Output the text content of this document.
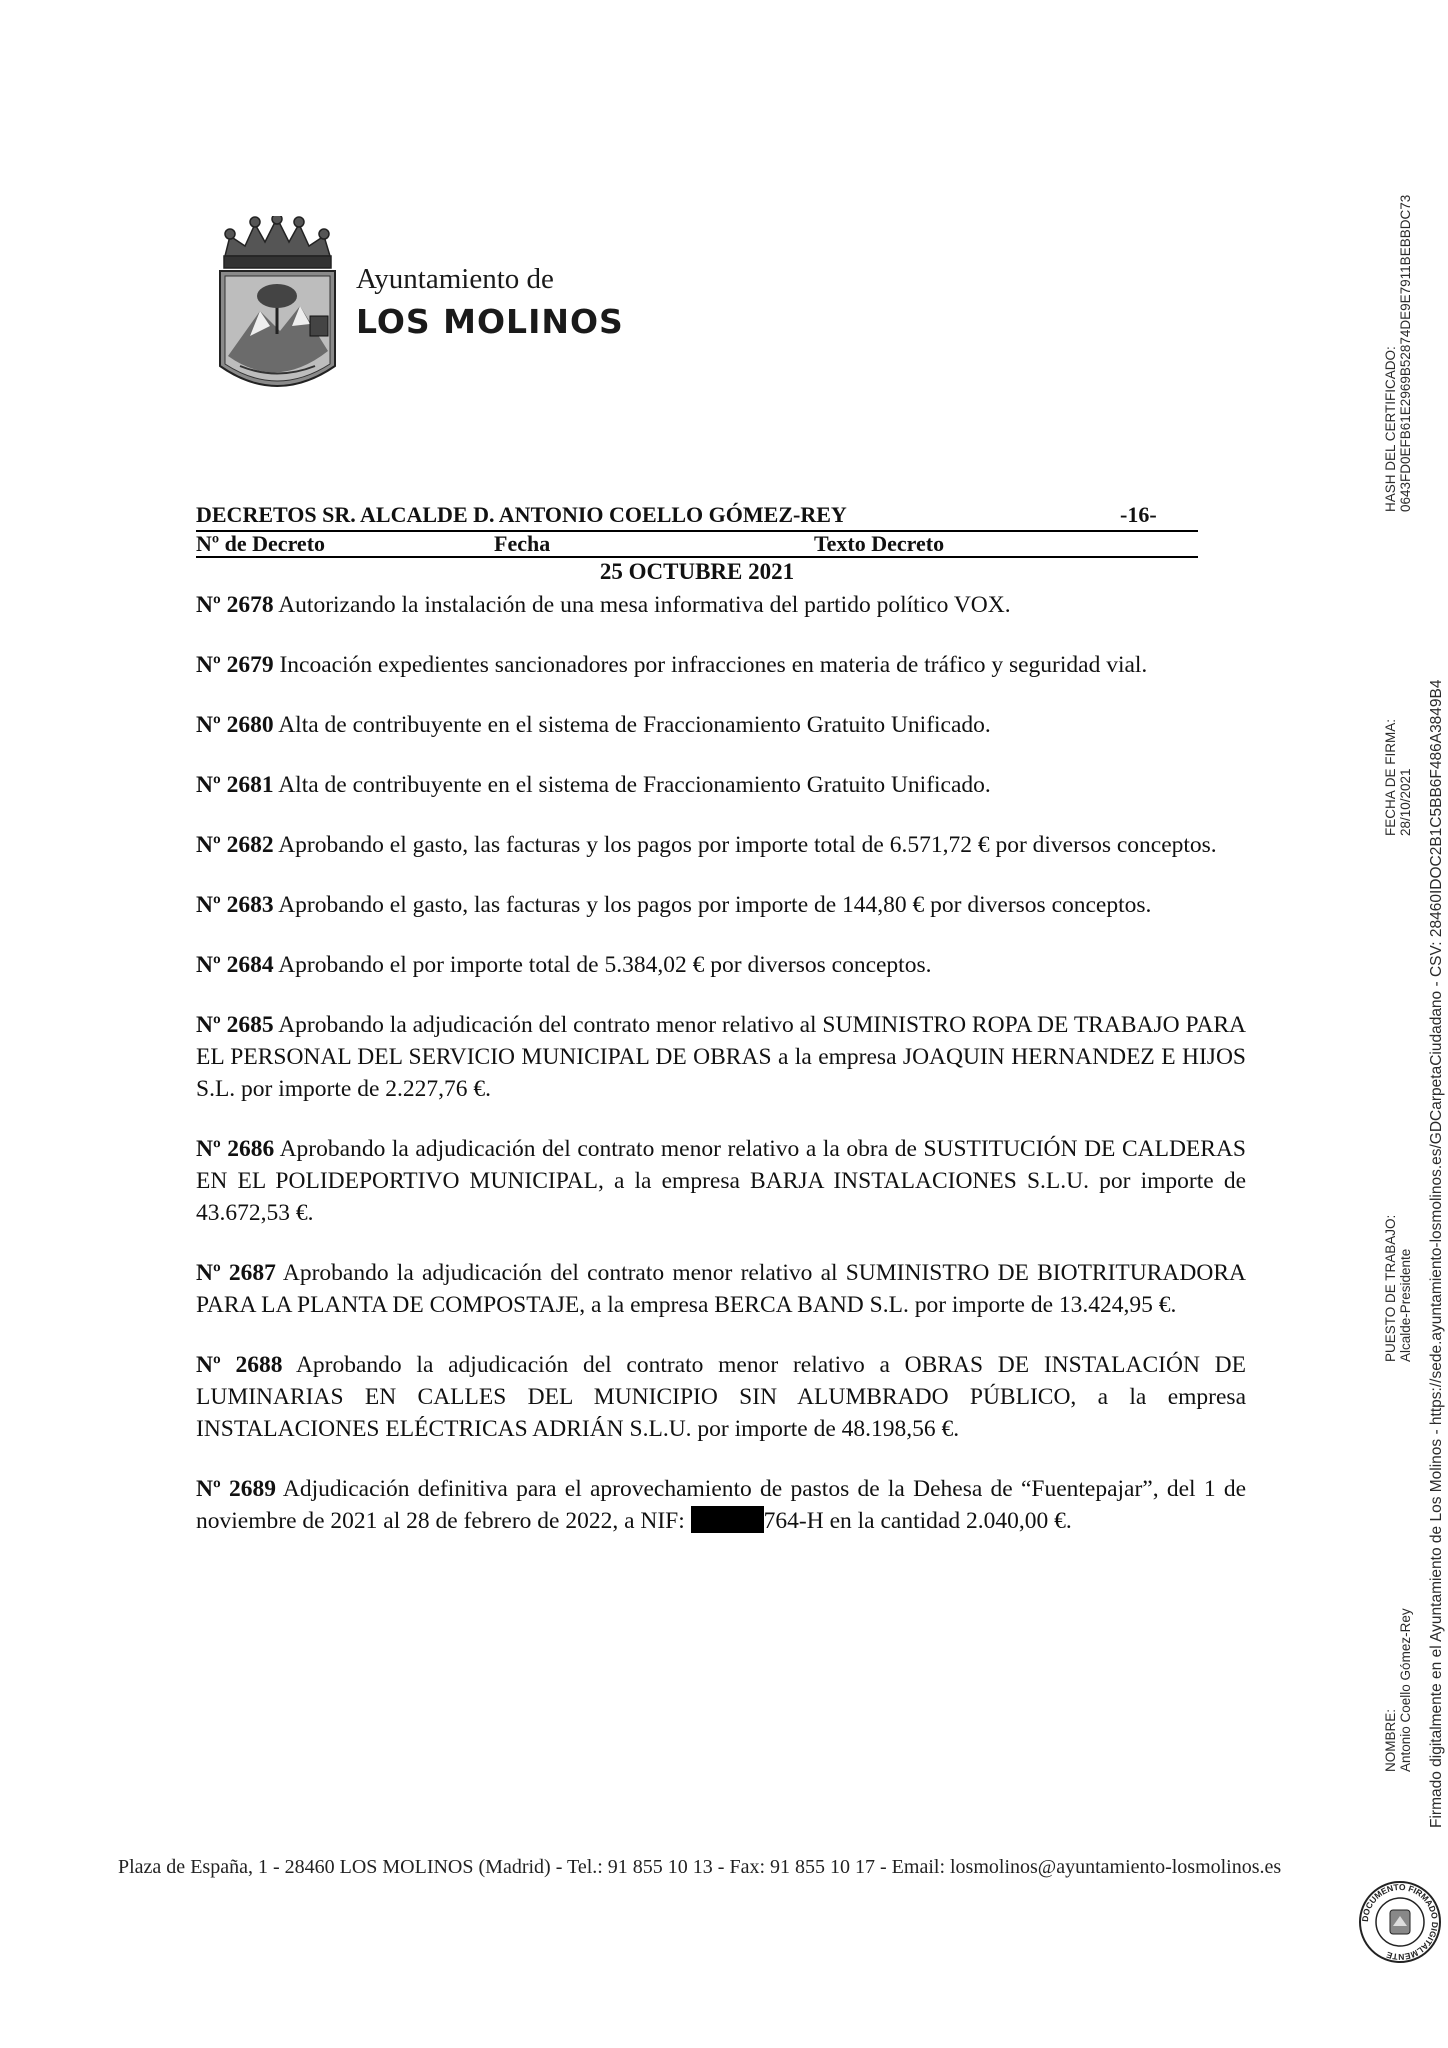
Ayuntamiento de
LOS MOLINOS
DECRETOS SR. ALCALDE D. ANTONIO COELLO GÓMEZ-REY	-16-
Nº de Decreto	Fecha	Texto Decreto
25 OCTUBRE 2021

Nº 2678 Autorizando la instalación de una mesa informativa del partido político VOX.

Nº 2679 Incoación expedientes sancionadores por infracciones en materia de tráfico y seguridad vial.

Nº 2680 Alta de contribuyente en el sistema de Fraccionamiento Gratuito Unificado.

Nº 2681 Alta de contribuyente en el sistema de Fraccionamiento Gratuito Unificado.

Nº 2682 Aprobando el gasto, las facturas y los pagos por importe total de 6.571,72 € por diversos conceptos.

Nº 2683 Aprobando el gasto, las facturas y los pagos por importe de 144,80 € por diversos conceptos.

Nº 2684 Aprobando el por importe total de 5.384,02 € por diversos conceptos.

Nº 2685 Aprobando la adjudicación del contrato menor relativo al SUMINISTRO ROPA DE TRABAJO PARA EL PERSONAL DEL SERVICIO MUNICIPAL DE OBRAS a la empresa JOAQUIN HERNANDEZ E HIJOS S.L. por importe de 2.227,76 €.

Nº 2686 Aprobando la adjudicación del contrato menor relativo a la obra de SUSTITUCIÓN DE CALDERAS EN EL POLIDEPORTIVO MUNICIPAL, a la empresa BARJA INSTALACIONES S.L.U. por importe de 43.672,53 €.

Nº 2687 Aprobando la adjudicación del contrato menor relativo al SUMINISTRO DE BIOTRITURADORA PARA LA PLANTA DE COMPOSTAJE, a la empresa BERCA BAND S.L. por importe de 13.424,95 €.

Nº 2688 Aprobando la adjudicación del contrato menor relativo a OBRAS DE INSTALACIÓN DE LUMINARIAS EN CALLES DEL MUNICIPIO SIN ALUMBRADO PÚBLICO, a la empresa INSTALACIONES ELÉCTRICAS ADRIÁN S.L.U. por importe de 48.198,56 €.

Nº 2689 Adjudicación definitiva para el aprovechamiento de pastos de la Dehesa de “Fuentepajar”, del 1 de noviembre de 2021 al 28 de febrero de 2022, a NIF:	764-H en la cantidad 2.040,00 €.

Plaza de España, 1 - 28460 LOS MOLINOS (Madrid) - Tel.: 91 855 10 13 - Fax: 91 855 10 17 - Email: losmolinos@ayuntamiento-losmolinos.es
NOMBRE: Antonio Coello Gómez-Rey
PUESTO DE TRABAJO: Alcalde-Presidente
FECHA DE FIRMA: 28/10/2021
HASH DEL CERTIFICADO: 0643FD0EFB61E2969B52874DE9E7911BEBBDC73
Firmado digitalmente en el Ayuntamiento de Los Molinos - https://sede.ayuntamiento-losmolinos.es/GDCarpetaCiudadano - CSV: 28460IDOC2B1C5BB6F486A3849B4
DOCUMENTO FIRMADO DIGITALMENTE
